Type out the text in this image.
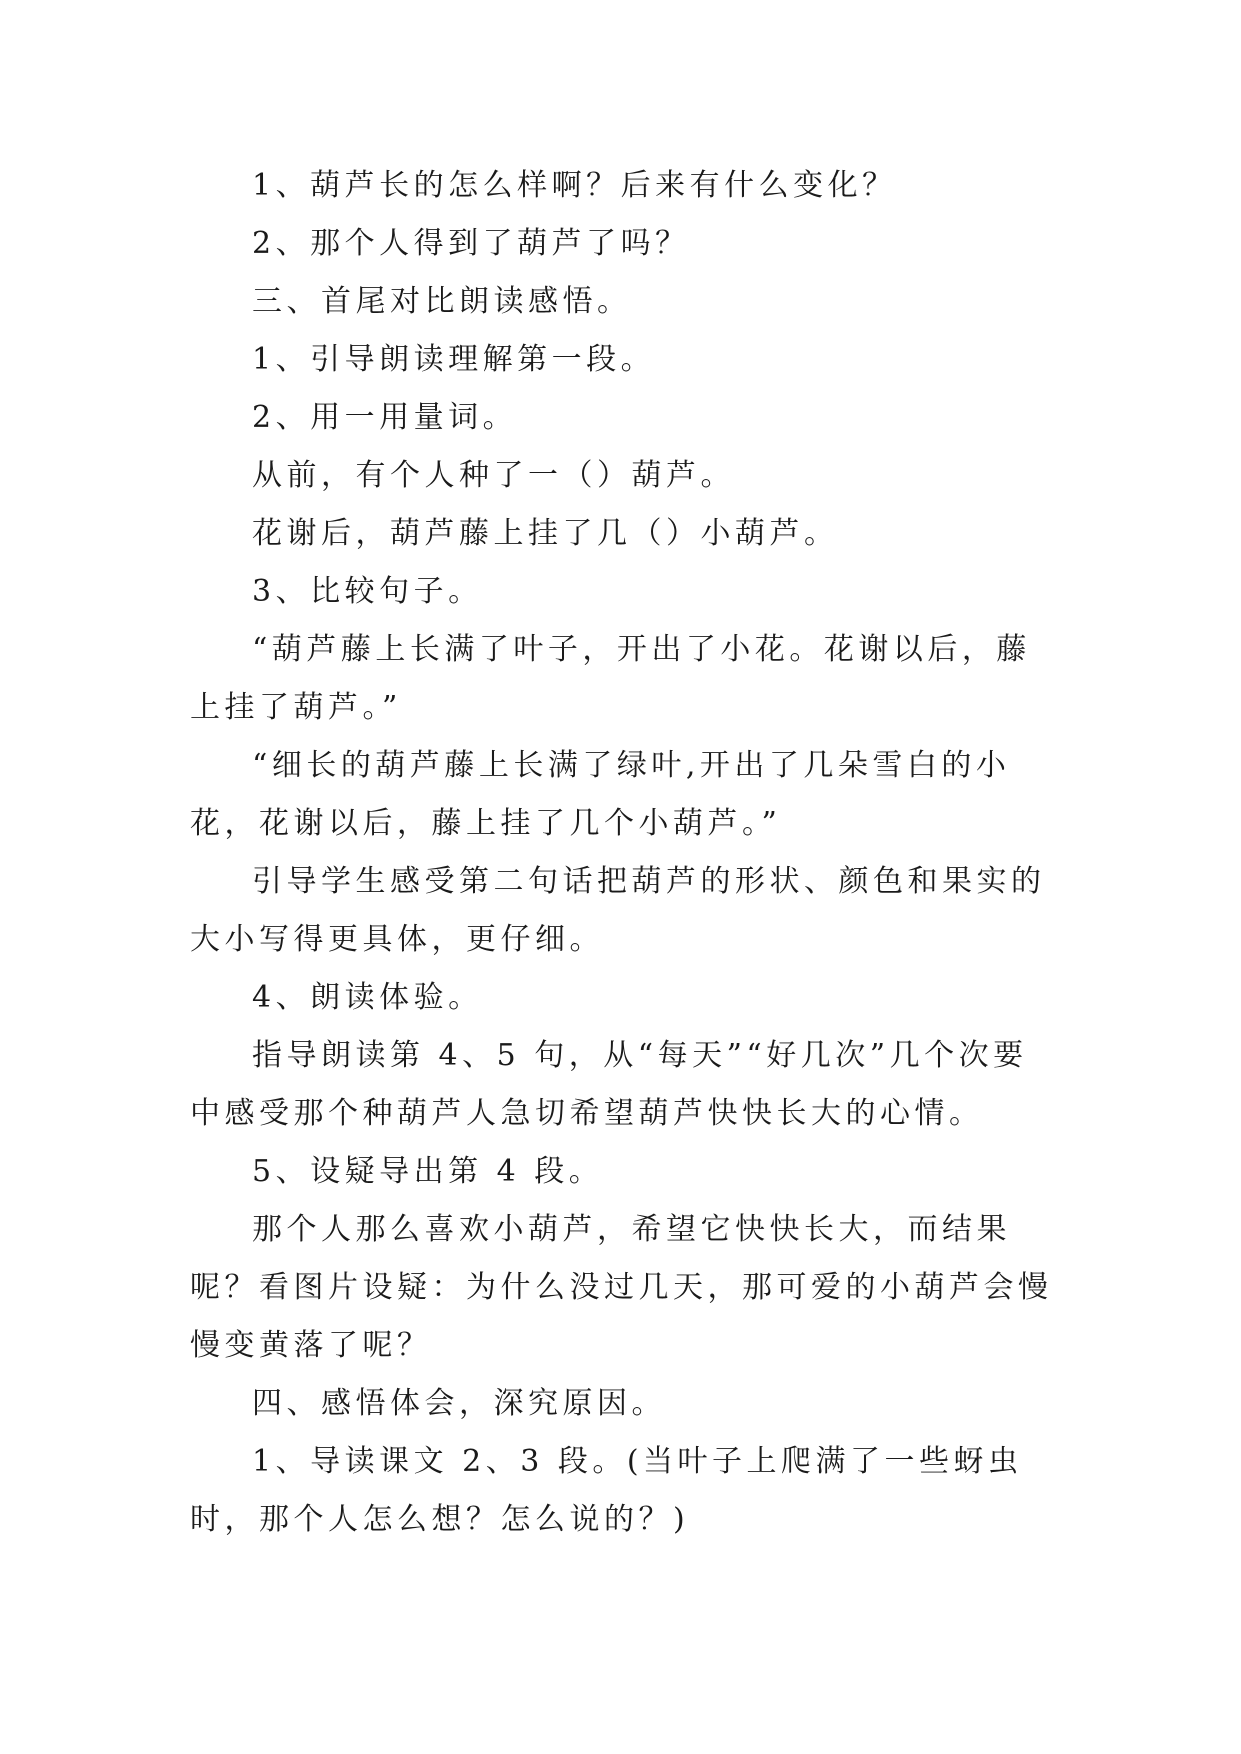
1、葫芦长的怎么样啊？后来有什么变化？

2、那个人得到了葫芦了吗？

三、首尾对比朗读感悟。

1、引导朗读理解第一段。

2、用一用量词。

从前，有个人种了一（）葫芦。

花谢后，葫芦藤上挂了几（）小葫芦。

3、比较句子。

“葫芦藤上长满了叶子，开出了小花。花谢以后，藤上挂了葫芦。”

“细长的葫芦藤上长满了绿叶,开出了几朵雪白的小花，花谢以后，藤上挂了几个小葫芦。”

引导学生感受第二句话把葫芦的形状、颜色和果实的大小写得更具体，更仔细。

4、朗读体验。

指导朗读第 4、5 句，从“每天”“好几次”几个次要中感受那个种葫芦人急切希望葫芦快快长大的心情。

5、设疑导出第 4 段。

那个人那么喜欢小葫芦，希望它快快长大，而结果呢？看图片设疑：为什么没过几天，那可爱的小葫芦会慢慢变黄落了呢？

四、感悟体会，深究原因。

1、导读课文 2、3 段。(当叶子上爬满了一些蚜虫时，那个人怎么想？怎么说的？)
